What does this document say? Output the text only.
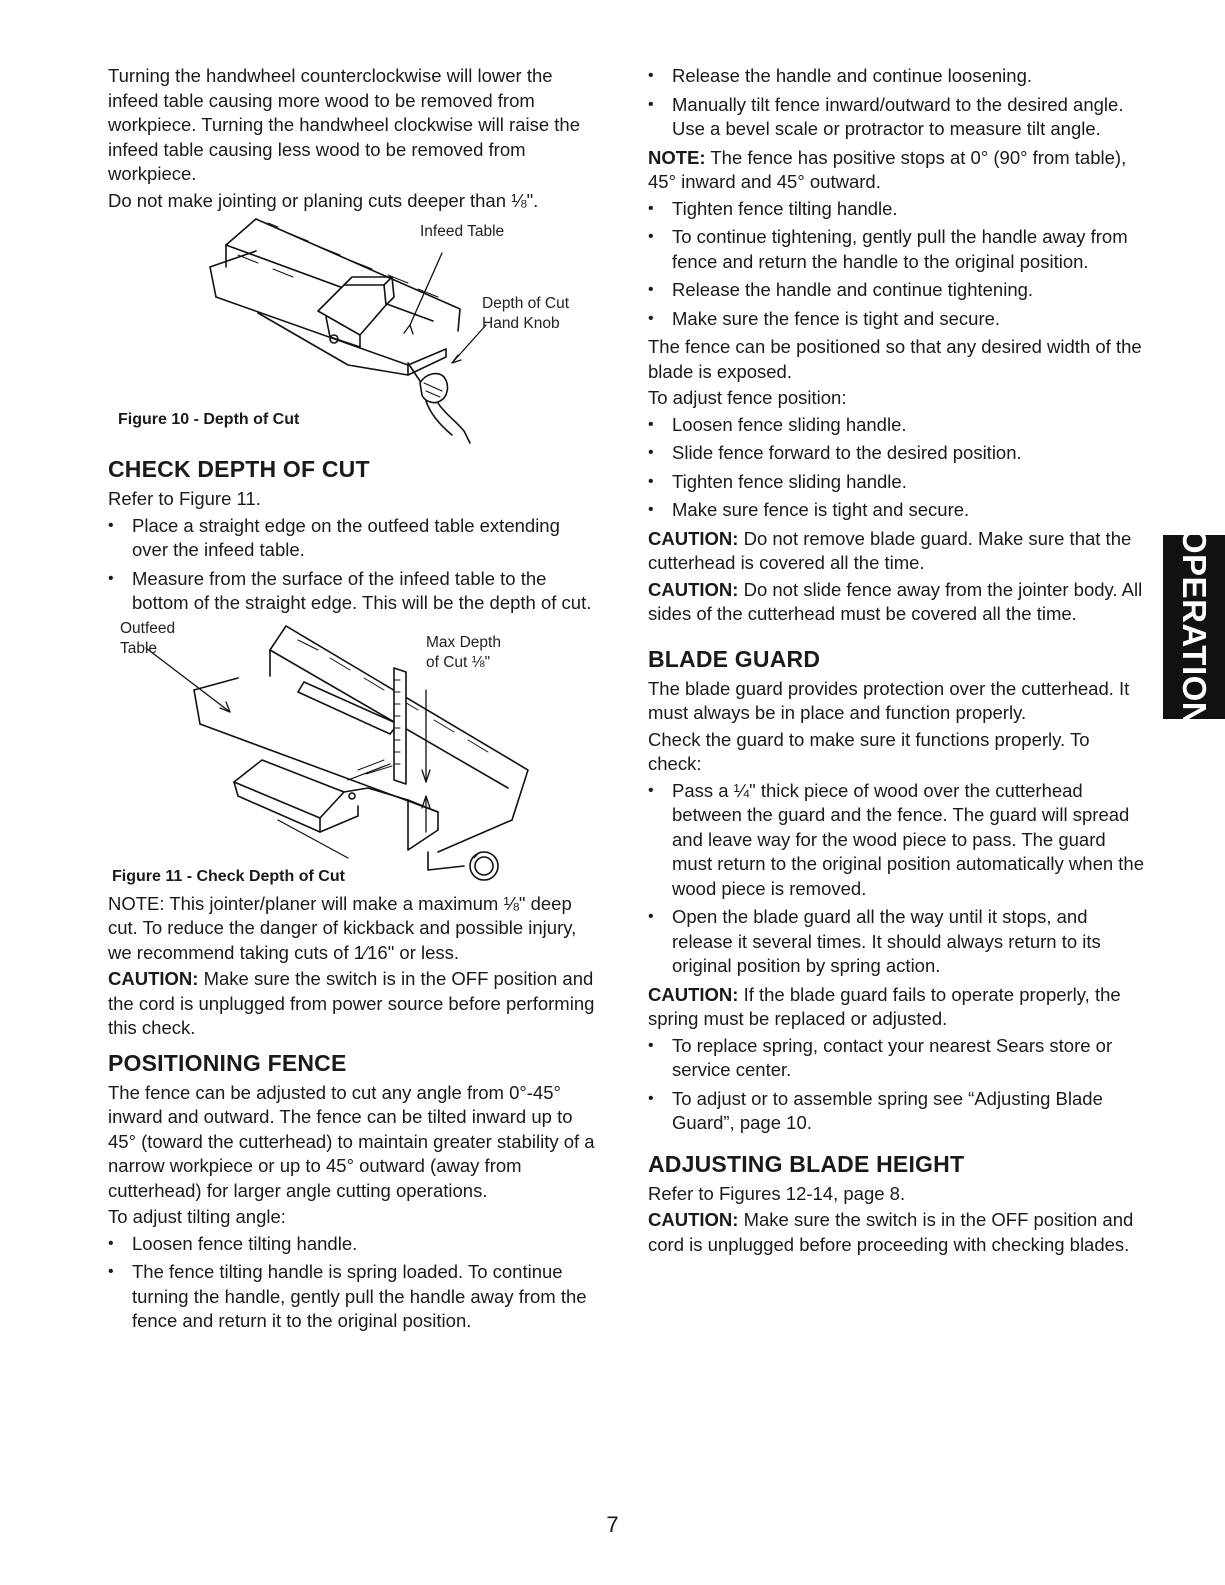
Turning the handwheel counterclockwise will lower the infeed table causing more wood to be removed from workpiece. Turning the handwheel clockwise will raise the infeed table causing less wood to be removed from workpiece.

Do not make jointing or planing cuts deeper than ⅛".

Infeed Table
Depth of Cut
Hand Knob
Figure 10 - Depth of Cut
CHECK DEPTH OF CUT

Refer to Figure 11.

• Place a straight edge on the outfeed table extending over the infeed table.
• Measure from the surface of the infeed table to the bottom of the straight edge. This will be the depth of cut.
Outfeed
Table	Max Depth
of Cut ⅛"
Figure 11 - Check Depth of Cut

NOTE: This jointer/planer will make a maximum ⅛" deep cut. To reduce the danger of kickback and possible injury, we recommend taking cuts of 1⁄16" or less.

CAUTION: Make sure the switch is in the OFF position and the cord is unplugged from power source before performing this check.

POSITIONING FENCE

The fence can be adjusted to cut any angle from 0°-45° inward and outward. The fence can be tilted inward up to 45° (toward the cutterhead) to maintain greater stability of a narrow workpiece or up to 45° outward (away from cutterhead) for larger angle cutting operations.

To adjust tilting angle:

• Loosen fence tilting handle.
• The fence tilting handle is spring loaded. To continue turning the handle, gently pull the handle away from the fence and return it to the original position.
• Release the handle and continue loosening.
• Manually tilt fence inward/outward to the desired angle. Use a bevel scale or protractor to measure tilt angle.

NOTE: The fence has positive stops at 0° (90° from table), 45° inward and 45° outward.

• Tighten fence tilting handle.
• To continue tightening, gently pull the handle away from fence and return the handle to the original position.
• Release the handle and continue tightening.
• Make sure the fence is tight and secure.

The fence can be positioned so that any desired width of the blade is exposed.

To adjust fence position:

• Loosen fence sliding handle.
• Slide fence forward to the desired position.
• Tighten fence sliding handle.
• Make sure fence is tight and secure.

CAUTION: Do not remove blade guard. Make sure that the cutterhead is covered all the time.

CAUTION: Do not slide fence away from the jointer body. All sides of the cutterhead must be covered all the time.

BLADE GUARD

The blade guard provides protection over the cutterhead. It must always be in place and function properly.

Check the guard to make sure it functions properly. To check:

• Pass a ¼" thick piece of wood over the cutterhead between the guard and the fence. The guard will spread and leave way for the wood piece to pass. The guard must return to the original position automatically when the wood piece is removed.
• Open the blade guard all the way until it stops, and release it several times. It should always return to its original position by spring action.

CAUTION: If the blade guard fails to operate properly, the spring must be replaced or adjusted.

• To replace spring, contact your nearest Sears store or service center.
• To adjust or to assemble spring see “Adjusting Blade Guard”, page 10.
ADJUSTING BLADE HEIGHT

Refer to Figures 12-14, page 8.

CAUTION: Make sure the switch is in the OFF position and cord is unplugged before proceeding with checking blades.

OPERATION
7
